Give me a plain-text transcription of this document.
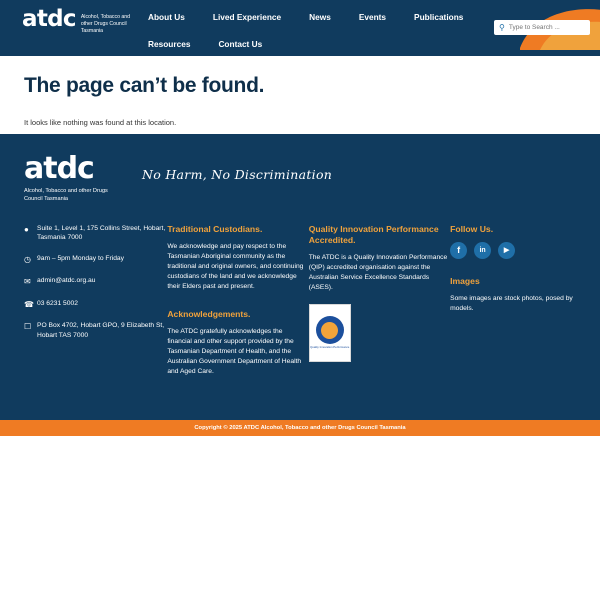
atdc Alcohol, Tobacco and other Drugs Council Tasmania
About Us	Lived Experience	News	Events	Publications
Resources	Contact Us
⚲
Type to Search ...
The page can’t be found.

It looks like nothing was found at this location.

atdc
Alcohol, Tobacco and other Drugs Council Tasmania
No Harm, No Discrimination
●	Suite 1, Level 1, 175 Collins Street, Hobart, Tasmania 7000
◷ 9am – 5pm Monday to Friday
✉ admin@atdc.org.au
☎ 03 6231 5002
☐ PO Box 4702, Hobart GPO, 9 Elizabeth St, Hobart TAS 7000
Traditional Custodians.
We acknowledge and pay respect to the Tasmanian Aboriginal community as the traditional and original owners, and continuing custodians of the land and we acknowledge their Elders past and present.
Acknowledgements.
The ATDC gratefully acknowledges the financial and other support provided by the Tasmanian Department of Health, and the Australian Government Department of Health and Aged Care.
Quality Innovation Performance Accredited.
The ATDC is a Quality Innovation Performance (QIP) accredited organisation against the Australian Service Excellence Standards (ASES).
Quality Innovation Performance
Follow Us.
f	in	▶
Images
Some images are stock photos, posed by models.
Copyright © 2025 ATDC Alcohol, Tobacco and other Drugs Council Tasmania
